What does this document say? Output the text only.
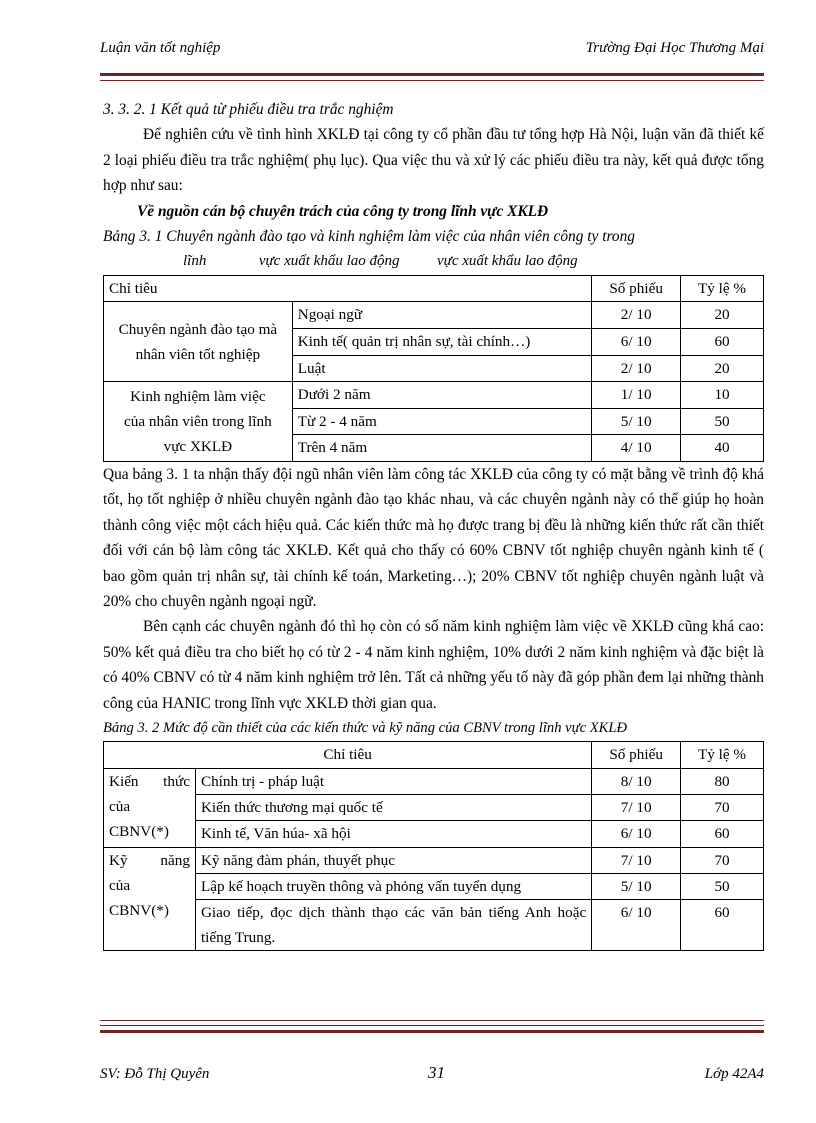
Luận văn tốt nghiệp	Trường Đại Học Thương Mại

3. 3. 2. 1 Kết quả từ phiếu điều tra trắc nghiệm

Để nghiên cứu về tình hình XKLĐ tại công ty cổ phần đầu tư tổng hợp Hà Nội, luận văn đã thiết kế 2 loại phiếu điều tra trắc nghiệm( phụ lục). Qua việc thu và xử lý các phiếu điều tra này, kết quả được tổng hợp như sau:

Về nguồn cán bộ chuyên trách của công ty trong lĩnh vực XKLĐ

Bảng 3. 1 Chuyên ngành đào tạo và kinh nghiệm làm việc của nhân viên công ty trong

lĩnh              vực xuất khẩu lao động          vực xuất khẩu lao động

Chỉ tiêu		Số phiếu	Tỷ lệ %
Chuyên ngành đào tạo mà nhân viên tốt nghiệp	Ngoại ngữ	2/ 10	20
	Kinh tế( quản trị nhân sự, tài chính…)	6/ 10	60
	Luật	2/ 10	20
Kinh nghiệm làm việc của nhân viên trong lĩnh vực XKLĐ	Dưới 2 năm	1/ 10	10
	Từ 2 - 4 năm	5/ 10	50
	Trên 4 năm	4/ 10	40

Qua bảng 3. 1 ta nhận thấy đội ngũ nhân viên làm công tác XKLĐ của công ty có mặt bằng về trình độ khá tốt, họ tốt nghiệp ở nhiều chuyên ngành đào tạo khác nhau, và các chuyên ngành này có thể giúp họ hoàn thành công việc một cách hiệu quả. Các kiến thức mà họ được trang bị đều là những kiến thức rất cần thiết đối với cán bộ làm công tác XKLĐ. Kết quả cho thấy có 60% CBNV tốt nghiệp chuyên ngành kinh tế ( bao gồm quản trị nhân sự, tài chính kế toán, Marketing…); 20% CBNV tốt nghiệp chuyên ngành luật và 20% cho chuyên ngành ngoại ngữ.

Bên cạnh các chuyên ngành đó thì họ còn có số năm kinh nghiệm làm việc về XKLĐ cũng khá cao: 50% kết quả điều tra cho biết họ có từ 2 - 4 năm kinh nghiệm, 10% dưới 2 năm kinh nghiệm và đặc biệt là có 40% CBNV có từ 4 năm kinh nghiệm trở lên. Tất cả những yếu tố này đã góp phần đem lại những thành công của HANIC trong lĩnh vực XKLĐ thời gian qua.

Bảng 3. 2 Mức độ cần thiết của các kiến thức và kỹ năng của CBNV trong lĩnh vực XKLĐ

Chỉ tiêu		Số phiếu	Tỷ lệ %

Kiến thức
của
CBNV(*)	Chính trị - pháp luật	8/ 10	80
	Kiến thức thương mại quốc tế	7/ 10	70
	Kinh tế, Văn húa- xã hội	6/ 10	60

Kỹ năng
của
CBNV(*)	Kỹ năng đàm phán, thuyết phục	7/ 10	70
	Lập kế hoạch truyền thông và phỏng vấn tuyển dụng	5/ 10	50
	Giao tiếp, đọc dịch thành thạo các văn bản tiếng Anh hoặc tiếng Trung.	6/ 10	60
SV: Đỗ Thị Quyên	31	Lớp 42A4
